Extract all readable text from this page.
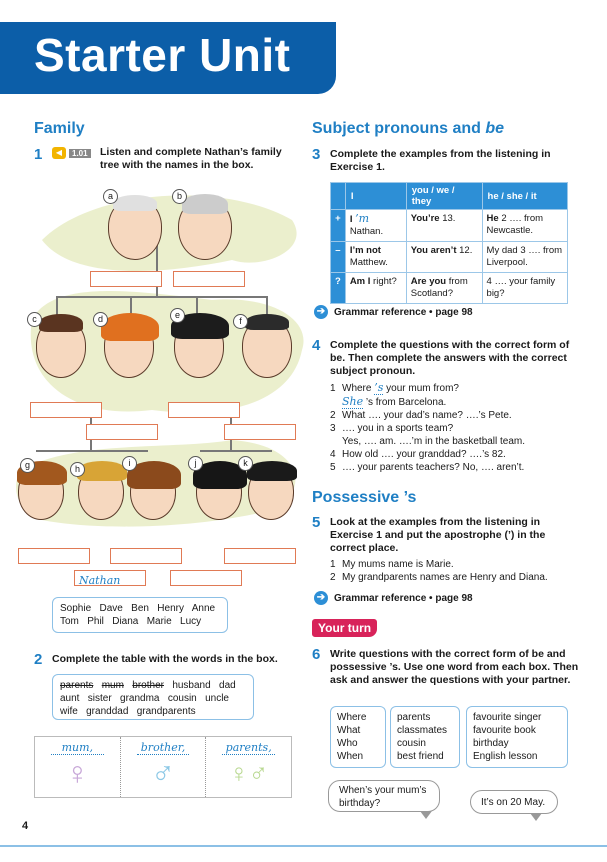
Starter Unit
Family
1	◀	1.01 Listen and complete Nathan’s family tree with the names in the box.
a	b
c	d	e
f
g	h
i	j	k
Nathan
Sophie   Dave   Ben   Henry   Anne
Tom   Phil   Diana   Marie   Lucy
2 Complete the table with the words in the box.
parents mum brother husband   dad
aunt   sister   grandma   cousin   uncle
wife   granddad   grandparents
mum,
♀
brother,
♂
parents,
♀♂
4
Subject pronouns and be
3 Complete the examples from the listening in Exercise 1.
	I	you / we / they	he / she / it
+	I ’m Nathan.	You’re 13.	He 2 …. from Newcastle.
–	I’m not Matthew.	You aren’t 12.	My dad 3 …. from Liverpool.
?	Am I right?	Are you from Scotland?	4 …. your family big?
➔ Grammar reference • page 98
4 Complete the questions with the correct form of be. Then complete the answers with the correct subject pronoun.
1 Where ’s your mum from?
She ’s from Barcelona.
2 What …. your dad’s name? ….’s Pete.
3 …. you in a sports team?
Yes, …. am. ….’m in the basketball team.
4 How old …. your granddad? ….’s 82.
5 …. your parents teachers? No, …. aren’t.
Possessive ’s
5 Look at the examples from the listening in Exercise 1 and put the apostrophe (’) in the correct place.
1 My mums name is Marie.
2 My grandparents names are Henry and Diana.
➔ Grammar reference • page 98
Your turn
6 Write questions with the correct form of be and possessive ’s. Use one word from each box. Then ask and answer the questions with your partner.
Where
What
Who
When
parents
classmates
cousin
best friend
favourite singer
favourite book
birthday
English lesson
When’s your mum’s birthday?	It’s on 20 May.
